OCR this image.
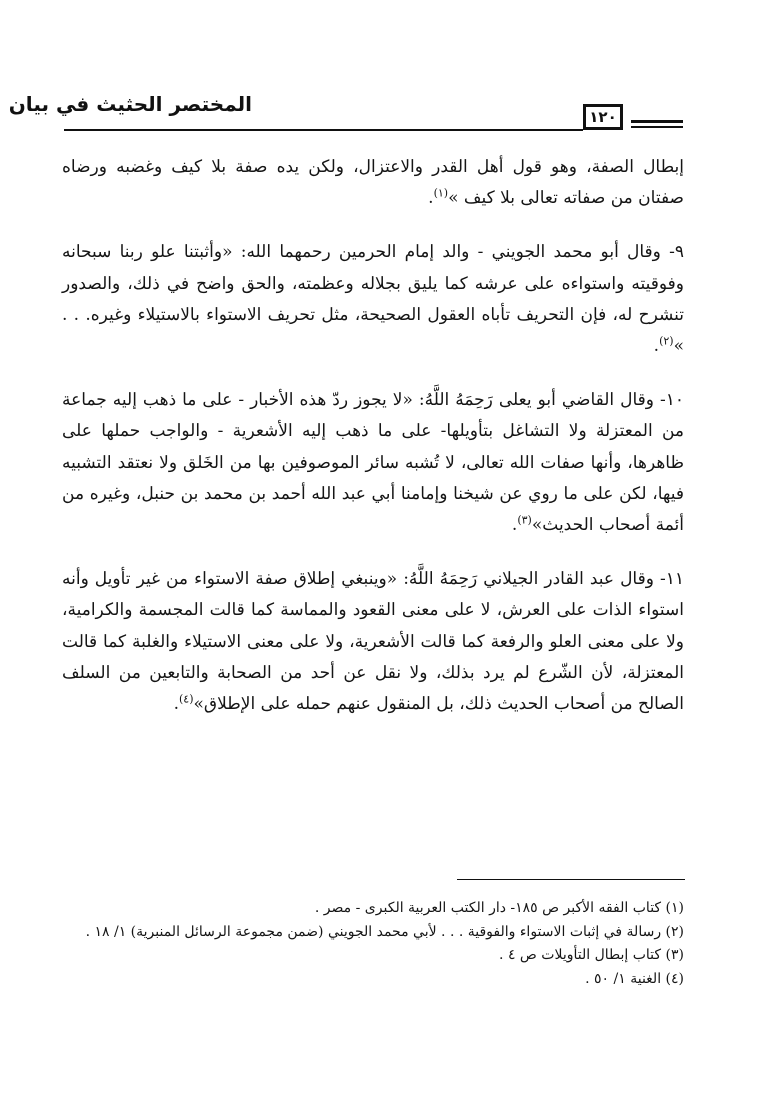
المختصر الحثيث في بيان
١٢٠

إبطال الصفة، وهو قول أهل القدر والاعتزال، ولكن يده صفة بلا كيف وغضبه ورضاه صفتان من صفاته تعالى بلا كيف »$^{(١)}$.

٩- وقال أبو محمد الجويني - والد إمام الحرمين رحمهما الله: «وأثبتنا علو ربنا سبحانه وفوقيته واستواءه على عرشه كما يليق بجلاله وعظمته، والحق واضح في ذلك، والصدور تنشرح له، فإن التحريف تأباه العقول الصحيحة، مثل تحريف الاستواء بالاستيلاء وغيره. . . »$^{(٢)}$.

١٠- وقال القاضي أبو يعلى رَحِمَهُ اللَّهُ: «لا يجوز ردّ هذه الأخبار - على ما ذهب إليه جماعة من المعتزلة ولا التشاغل بتأويلها- على ما ذهب إليه الأشعرية - والواجب حملها على ظاهرها، وأنها صفات الله تعالى، لا تُشبه سائر الموصوفين بها من الخَلق ولا نعتقد التشبيه فيها، لكن على ما روي عن شيخنا وإمامنا أبي عبد الله أحمد بن محمد بن حنبل، وغيره من أئمة أصحاب الحديث»$^{(٣)}$.

١١- وقال عبد القادر الجيلاني رَحِمَهُ اللَّهُ: «وينبغي إطلاق صفة الاستواء من غير تأويل وأنه استواء الذات على العرش، لا على معنى القعود والمماسة كما قالت المجسمة والكرامية، ولا على معنى العلو والرفعة كما قالت الأشعرية، ولا على معنى الاستيلاء والغلبة كما قالت المعتزلة، لأن الشّرع لم يرد بذلك، ولا نقل عن أحد من الصحابة والتابعين من السلف الصالح من أصحاب الحديث ذلك، بل المنقول عنهم حمله على الإطلاق»$^{(٤)}$.

(١) كتاب الفقه الأكبر ص ١٨٥- دار الكتب العربية الكبرى - مصر .

(٢) رسالة في إثبات الاستواء والفوقية . . . لأبي محمد الجويني (ضمن مجموعة الرسائل المنبرية) ١/ ١٨ .

(٣) كتاب إبطال التأويلات ص ٤ .

(٤) الغنية ١/ ٥٠ .
